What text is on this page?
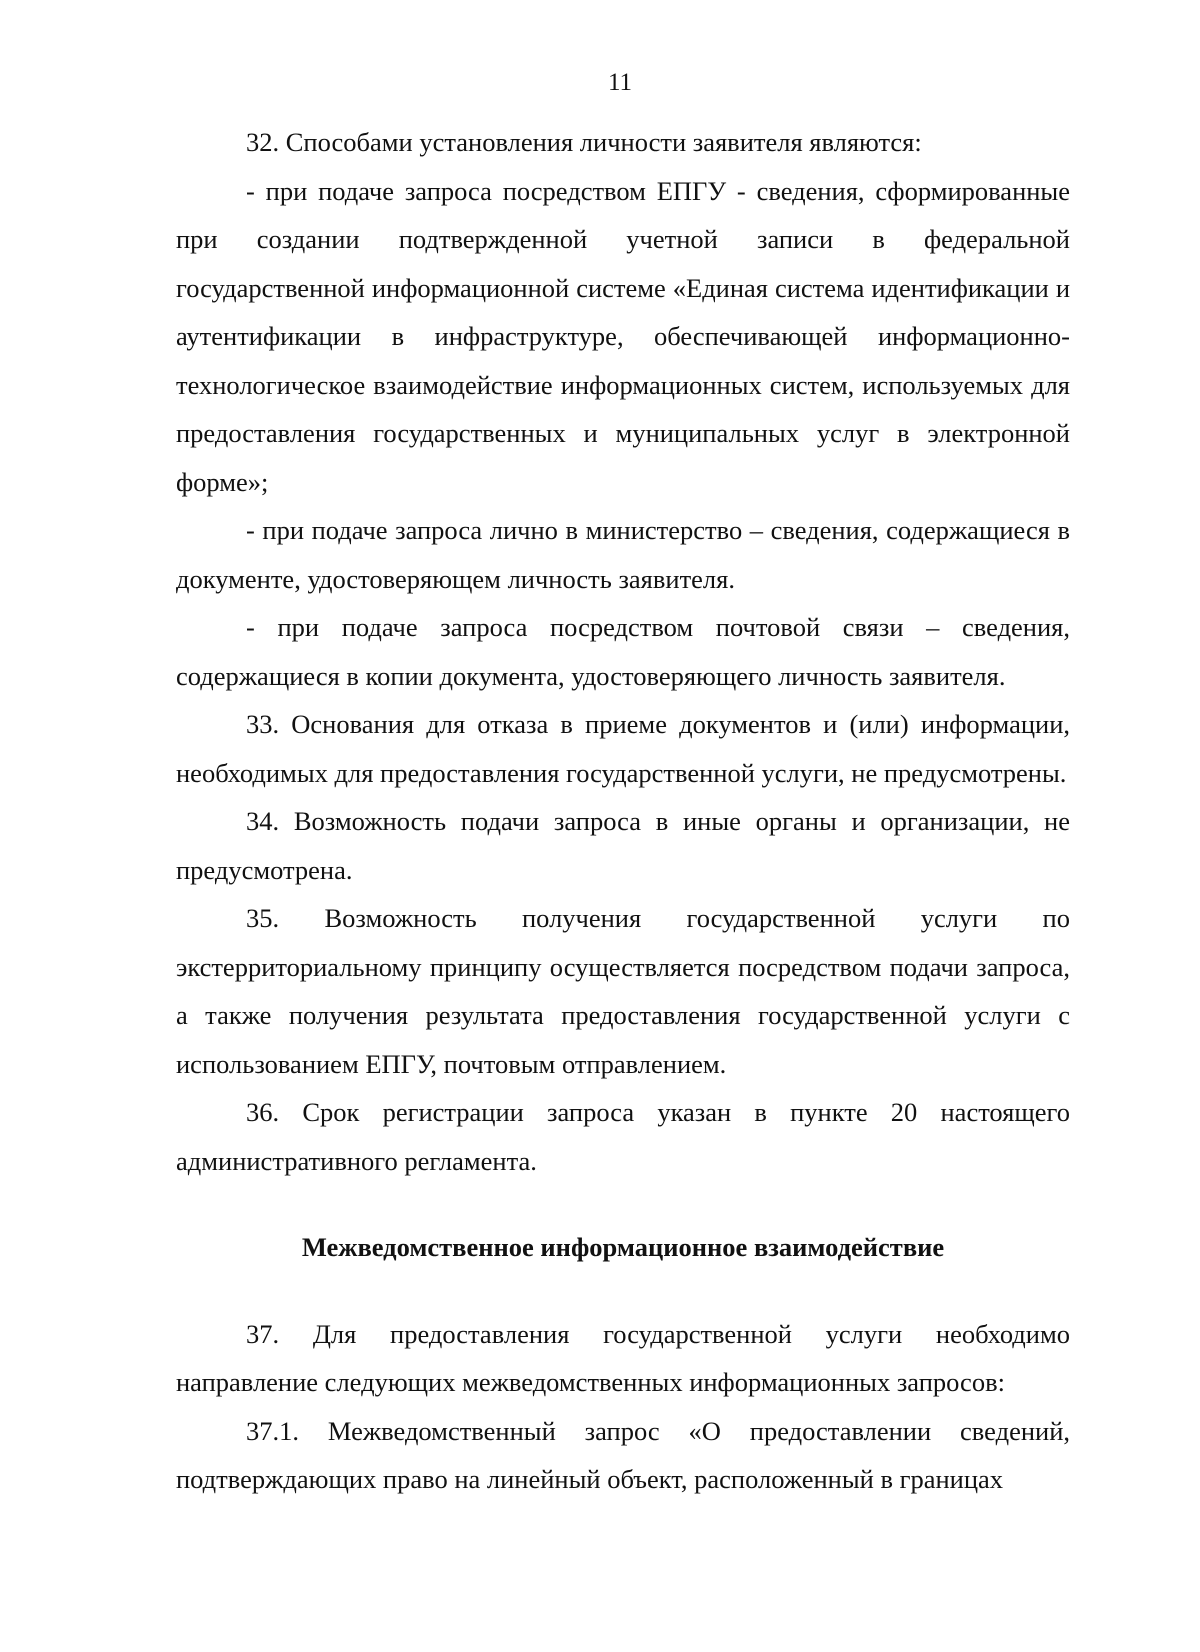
11

32. Способами установления личности заявителя являются:

- при подаче запроса посредством ЕПГУ - сведения, сформированные при создании подтвержденной учетной записи в федеральной государственной информационной системе «Единая система идентификации и аутентификации в инфраструктуре, обеспечивающей информационно-технологическое взаимодействие информационных систем, используемых для предоставления государственных и муниципальных услуг в электронной форме»;

- при подаче запроса лично в министерство – сведения, содержащиеся в документе, удостоверяющем личность заявителя.

- при подаче запроса посредством почтовой связи – сведения, содержащиеся в копии документа, удостоверяющего личность заявителя.

33. Основания для отказа в приеме документов и (или) информации, необходимых для предоставления государственной услуги, не предусмотрены.

34. Возможность подачи запроса в иные органы и организации, не предусмотрена.

35. Возможность получения государственной услуги по экстерриториальному принципу осуществляется посредством подачи запроса, а также получения результата предоставления государственной услуги с использованием ЕПГУ, почтовым отправлением.

36. Срок регистрации запроса указан в пункте 20 настоящего административного регламента.

Межведомственное информационное взаимодействие

37. Для предоставления государственной услуги необходимо направление следующих межведомственных информационных запросов:

37.1. Межведомственный запрос «О предоставлении сведений, подтверждающих право на линейный объект, расположенный в границах
